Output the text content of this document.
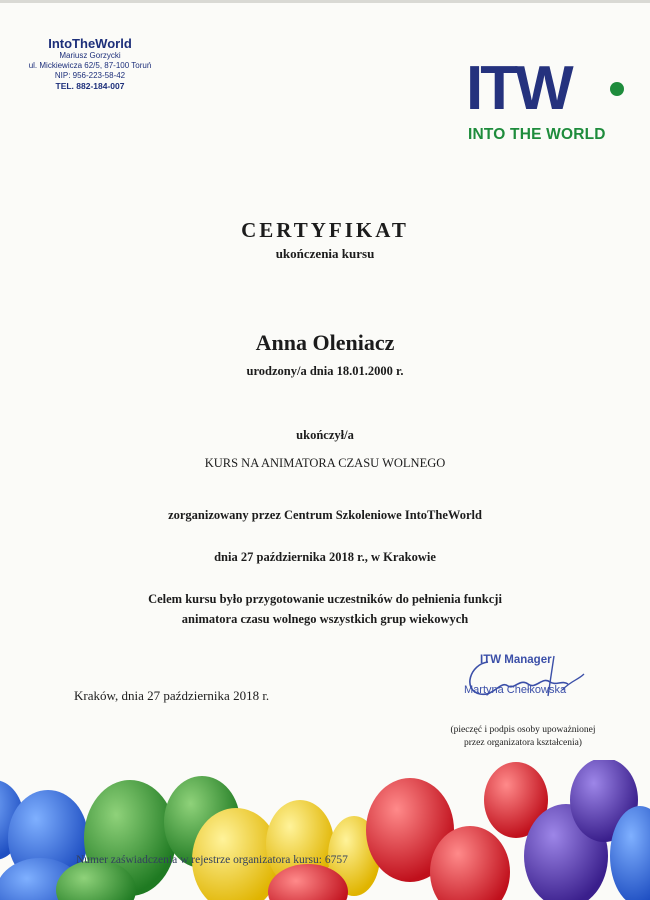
IntoTheWorld
Mariusz Gorzycki
ul. Mickiewicza 62/5, 87-100 Toruń
NIP: 956-223-58-42
TEL. 882-184-007	ITW
INTO THE WORLD
CERTYFIKAT
ukończenia kursu
Anna Oleniacz
urodzony/a dnia 18.01.2000 r.
ukończył/a
KURS NA ANIMATORA CZASU WOLNEGO
zorganizowany przez Centrum Szkoleniowe IntoTheWorld
dnia 27 października 2018 r., w Krakowie
Celem kursu było przygotowanie uczestników do pełnienia funkcji
animatora czasu wolnego wszystkich grup wiekowych
Kraków, dnia 27 października 2018 r.
ITW Manager
Martyna Chełkowska
(pieczęć i podpis osoby upoważnionej
przez organizatora kształcenia)
Numer zaświadczenia w rejestrze organizatora kursu: 6757
